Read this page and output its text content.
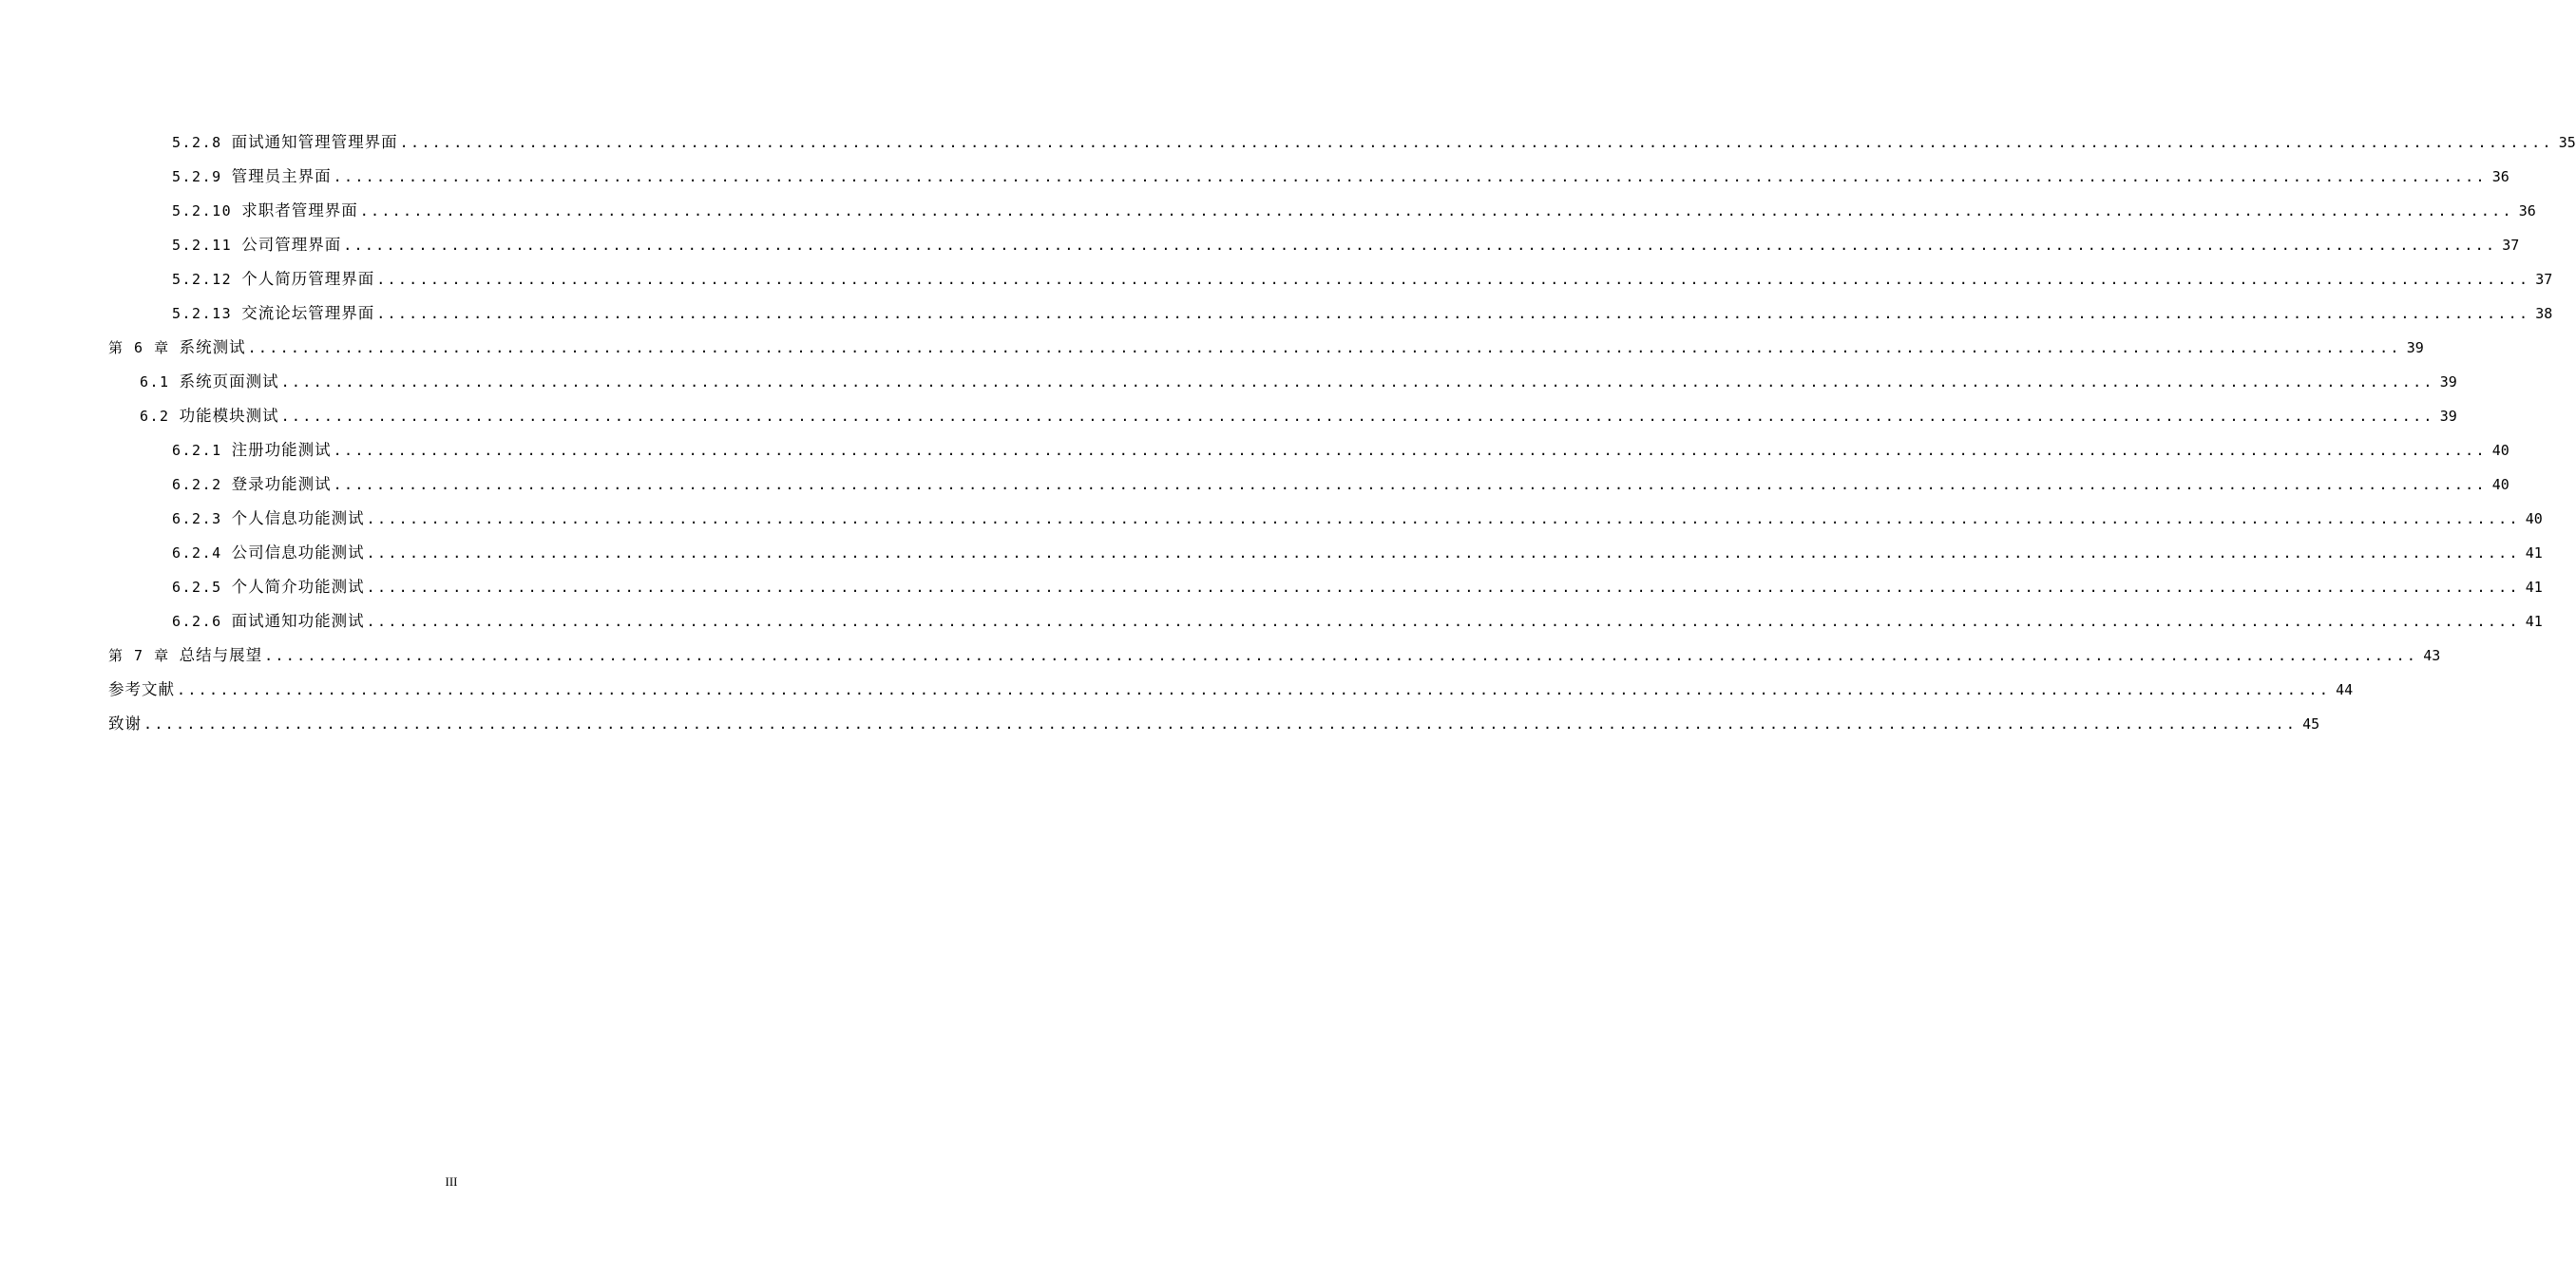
5.2.8 面试通知管理管理界面 ........................................................................................................................................................................................................ 35
5.2.9 管理员主界面 ........................................................................................................................................................................................................ 36
5.2.10 求职者管理界面 ........................................................................................................................................................................................................ 36
5.2.11 公司管理界面 ........................................................................................................................................................................................................ 37
5.2.12 个人简历管理界面 ........................................................................................................................................................................................................ 37
5.2.13 交流论坛管理界面 ........................................................................................................................................................................................................ 38
第 6 章 系统测试 ........................................................................................................................................................................................................ 39
6.1 系统页面测试 ........................................................................................................................................................................................................ 39
6.2 功能模块测试 ........................................................................................................................................................................................................ 39
6.2.1 注册功能测试 ........................................................................................................................................................................................................ 40
6.2.2 登录功能测试 ........................................................................................................................................................................................................ 40
6.2.3 个人信息功能测试 ........................................................................................................................................................................................................ 40
6.2.4 公司信息功能测试 ........................................................................................................................................................................................................ 41
6.2.5 个人简介功能测试 ........................................................................................................................................................................................................ 41
6.2.6 面试通知功能测试 ........................................................................................................................................................................................................ 41
第 7 章 总结与展望 ........................................................................................................................................................................................................ 43
参考文献 ........................................................................................................................................................................................................ 44
致谢 ........................................................................................................................................................................................................ 45
III
